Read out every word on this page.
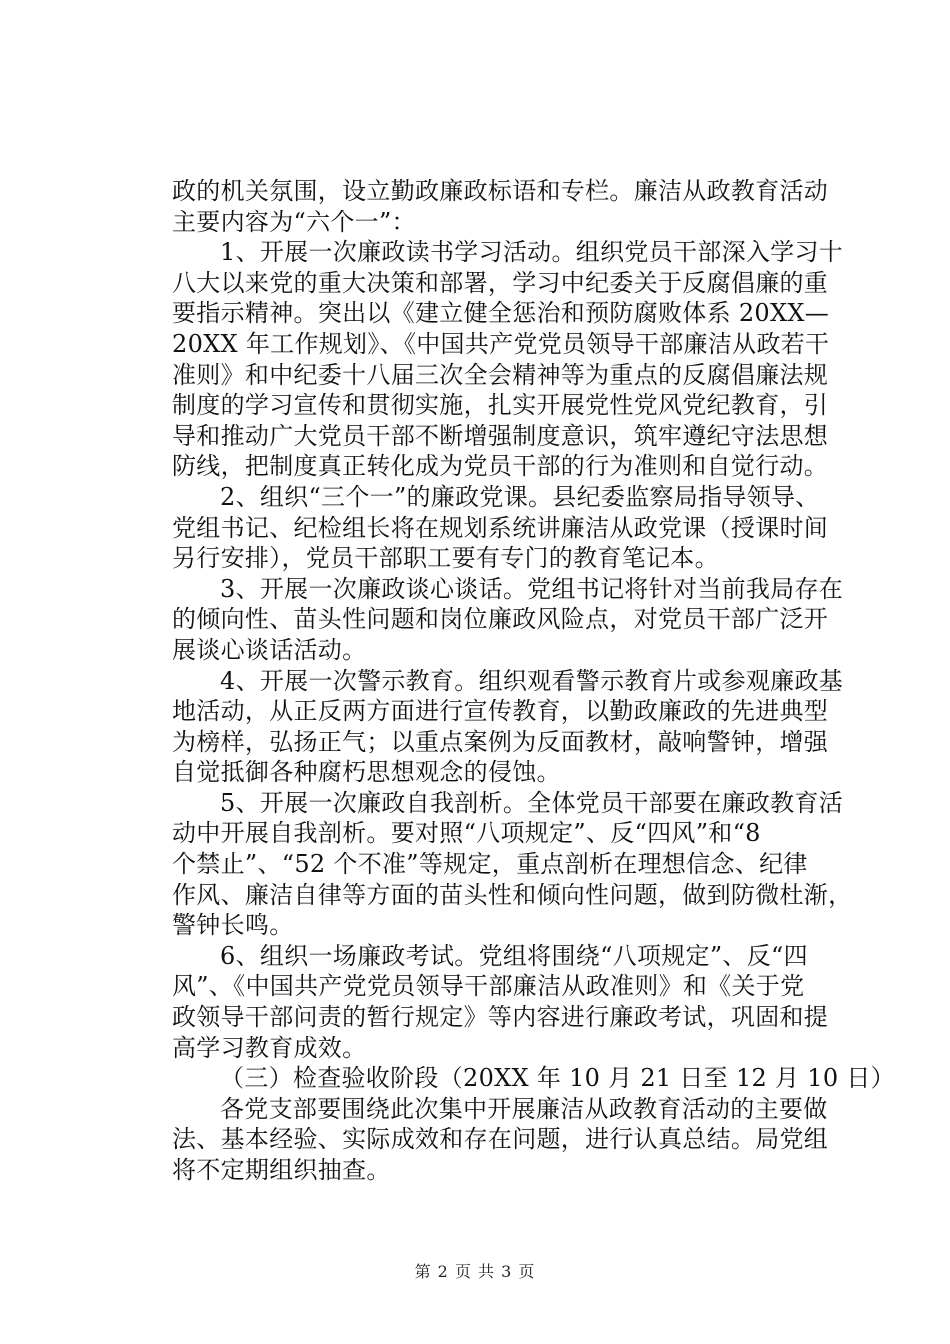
政的机关氛围，设立勤政廉政标语和专栏。廉洁从政教育活动
主要内容为“六个一”：
1、开展一次廉政读书学习活动。组织党员干部深入学习十
八大以来党的重大决策和部署，学习中纪委关于反腐倡廉的重
要指示精神。突出以《建立健全惩治和预防腐败体系 20XX—
20XX 年工作规划》、《中国共产党党员领导干部廉洁从政若干
准则》和中纪委十八届三次全会精神等为重点的反腐倡廉法规
制度的学习宣传和贯彻实施，扎实开展党性党风党纪教育，引
导和推动广大党员干部不断增强制度意识，筑牢遵纪守法思想
防线，把制度真正转化成为党员干部的行为准则和自觉行动。
2、组织“三个一”的廉政党课。县纪委监察局指导领导、
党组书记、纪检组长将在规划系统讲廉洁从政党课（授课时间
另行安排），党员干部职工要有专门的教育笔记本。
3、开展一次廉政谈心谈话。党组书记将针对当前我局存在
的倾向性、苗头性问题和岗位廉政风险点，对党员干部广泛开
展谈心谈话活动。
4、开展一次警示教育。组织观看警示教育片或参观廉政基
地活动，从正反两方面进行宣传教育，以勤政廉政的先进典型
为榜样，弘扬正气；以重点案例为反面教材，敲响警钟，增强
自觉抵御各种腐朽思想观念的侵蚀。
5、开展一次廉政自我剖析。全体党员干部要在廉政教育活
动中开展自我剖析。要对照“八项规定”、反“四风”和“8
个禁止”、“52 个不准”等规定，重点剖析在理想信念、纪律
作风、廉洁自律等方面的苗头性和倾向性问题，做到防微杜渐，
警钟长鸣。
6、组织一场廉政考试。党组将围绕“八项规定”、反“四
风”、《中国共产党党员领导干部廉洁从政准则》和《关于党
政领导干部问责的暂行规定》等内容进行廉政考试，巩固和提
高学习教育成效。
（三）检查验收阶段（20XX 年 10 月 21 日至 12 月 10 日）
各党支部要围绕此次集中开展廉洁从政教育活动的主要做
法、基本经验、实际成效和存在问题，进行认真总结。局党组
将不定期组织抽查。
第 2 页 共 3 页
